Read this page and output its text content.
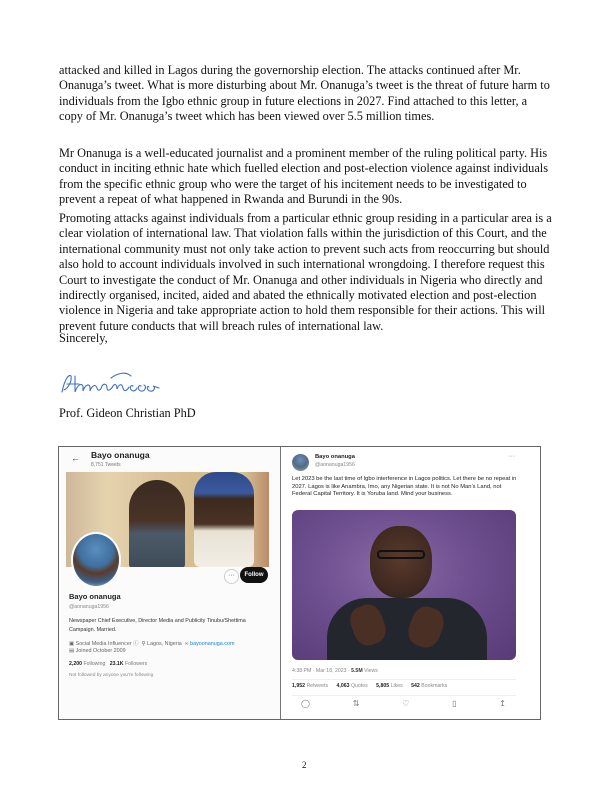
attacked and killed in Lagos during the governorship election. The attacks continued after Mr. Onanuga’s tweet. What is more disturbing about Mr. Onanuga’s tweet is the threat of future harm to individuals from the Igbo ethnic group in future elections in 2027. Find attached to this letter, a copy of Mr. Onanuga’s tweet which has been viewed over 5.5 million times.

Mr Onanuga is a well-educated journalist and a prominent member of the ruling political party. His conduct in inciting ethnic hate which fuelled election and post-election violence against individuals from the specific ethnic group who were the target of his incitement needs to be investigated to prevent a repeat of what happened in Rwanda and Burundi in the 90s.

Promoting attacks against individuals from a particular ethnic group residing in a particular area is a clear violation of international law. That violation falls within the jurisdiction of this Court, and the international community must not only take action to prevent such acts from reoccurring but should also hold to account individuals involved in such international wrongdoing. I therefore request this Court to investigate the conduct of Mr. Onanuga and other individuals in Nigeria who directly and indirectly organised, incited, aided and abated the ethnically motivated election and post-election violence in Nigeria and take appropriate action to hold them responsible for their actions. This will prevent future conducts that will breach rules of international law.

Sincerely,
Prof. Gideon Christian PhD
← Bayo onanuga
8,751 Tweets
···	Follow
Bayo onanuga
@aonanuga1956
Newspaper Chief Executive, Director Media and Publicity Tinubu/Shettima Campaign. Married.
▣ Social Media Influencer ⓘ ⚲ Lagos, Nigeria ∞ bayoonanuga.com
▤ Joined October 2009
2,200 Following 23.1K Followers
Not followed by anyone you’re following
Bayo onanuga
@aonanuga1956
···
Let 2023 be the last time of Igbo interference in Lagos politics. Let there be no repeat in 2027. Lagos is like Anambra, Imo, any Nigerian state. It is not No Man’s Land, not Federal Capital Territory. It is Yoruba land. Mind your business.
4:38 PM · Mar 18, 2023 · 5.5M Views
1,952 Retweets 4,063 Quotes 5,805 Likes 542 Bookmarks
◯	⇅	♡	▯	↥
2
